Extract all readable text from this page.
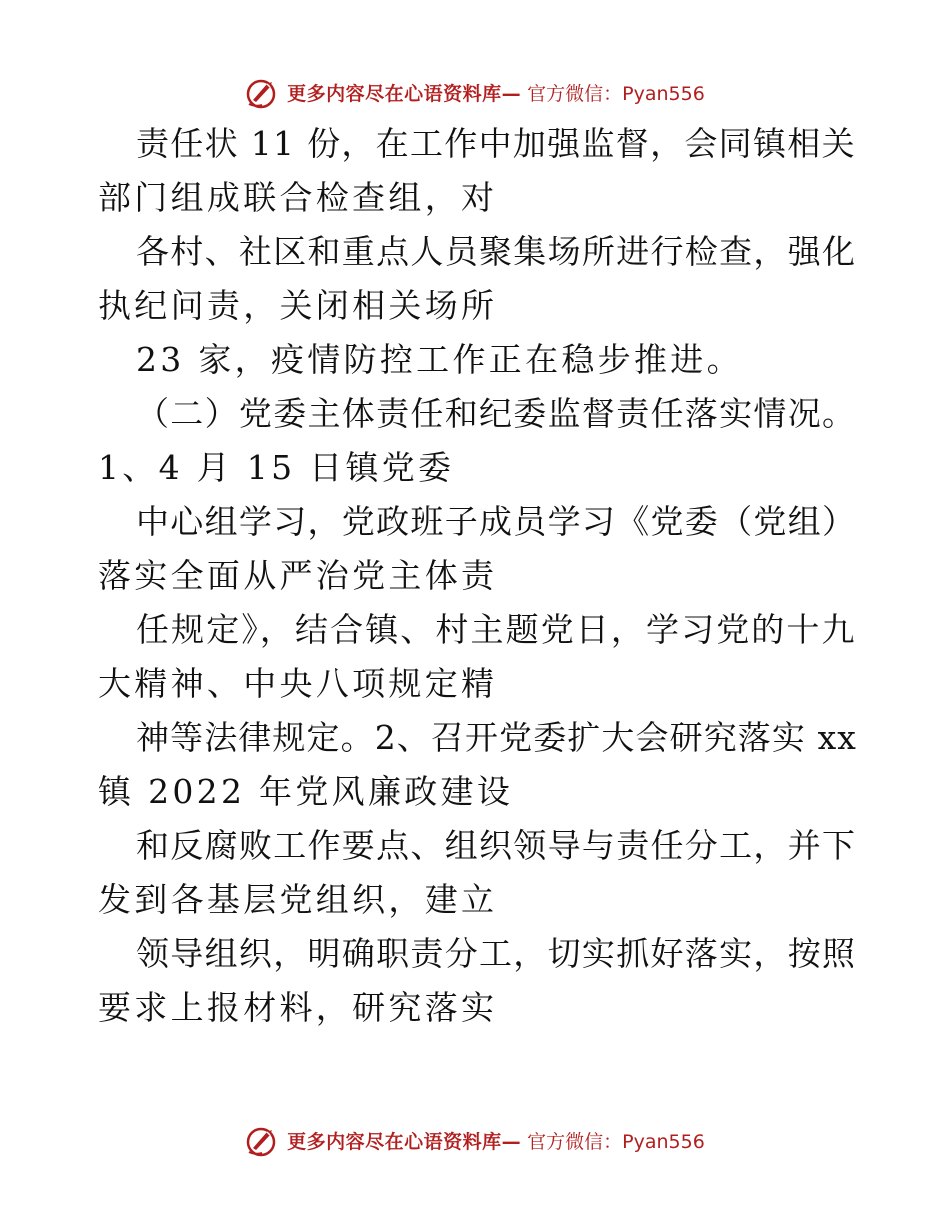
更多内容尽在心语资料库— 官方微信：Pyan556
责任状 11 份，在工作中加强监督，会同镇相关
部门组成联合检查组，对
各村、社区和重点人员聚集场所进行检查，强化
执纪问责，关闭相关场所
23 家，疫情防控工作正在稳步推进。
（二）党委主体责任和纪委监督责任落实情况。
1、4 月 15 日镇党委
中心组学习，党政班子成员学习《党委（党组）
落实全面从严治党主体责
任规定》，结合镇、村主题党日，学习党的十九
大精神、中央八项规定精
神等法律规定。2、召开党委扩大会研究落实 xx
镇 2022 年党风廉政建设
和反腐败工作要点、组织领导与责任分工，并下
发到各基层党组织，建立
领导组织，明确职责分工，切实抓好落实，按照
要求上报材料，研究落实
更多内容尽在心语资料库— 官方微信：Pyan556
